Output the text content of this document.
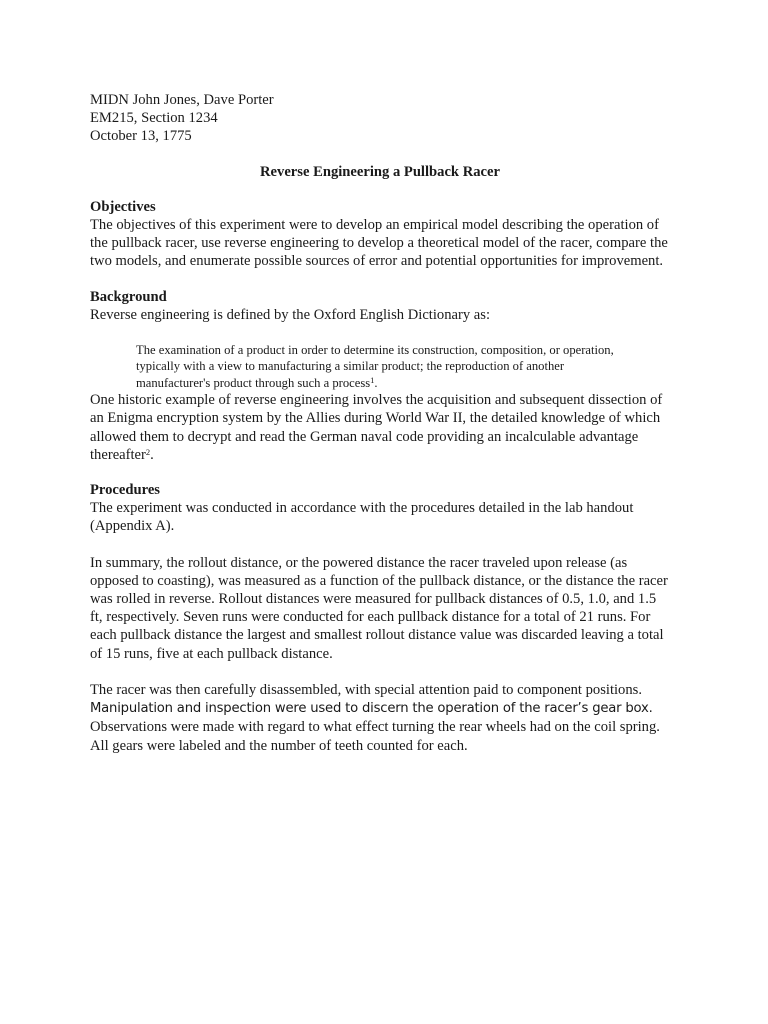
MIDN John Jones, Dave Porter
EM215, Section 1234
October 13, 1775
Reverse Engineering a Pullback Racer
Objectives

The objectives of this experiment were to develop an empirical model describing the operation of the pullback racer, use reverse engineering to develop a theoretical model of the racer, compare the two models, and enumerate possible sources of error and potential opportunities for improvement.

Background

Reverse engineering is defined by the Oxford English Dictionary as:

The examination of a product in order to determine its construction, composition, or operation, typically with a view to manufacturing a similar product; the reproduction of another manufacturer's product through such a process$^1$.

One historic example of reverse engineering involves the acquisition and subsequent dissection of an Enigma encryption system by the Allies during World War II, the detailed knowledge of which allowed them to decrypt and read the German naval code providing an incalculable advantage thereafter$^2$.

Procedures

The experiment was conducted in accordance with the procedures detailed in the lab handout (Appendix A).

In summary, the rollout distance, or the powered distance the racer traveled upon release (as opposed to coasting), was measured as a function of the pullback distance, or the distance the racer was rolled in reverse. Rollout distances were measured for pullback distances of 0.5, 1.0, and 1.5 ft, respectively. Seven runs were conducted for each pullback distance for a total of 21 runs. For each pullback distance the largest and smallest rollout distance value was discarded leaving a total of 15 runs, five at each pullback distance.

The racer was then carefully disassembled, with special attention paid to component positions. Manipulation and inspection were used to discern the operation of the racer’s gear box. Observations were made with regard to what effect turning the rear wheels had on the coil spring. All gears were labeled and the number of teeth counted for each.
